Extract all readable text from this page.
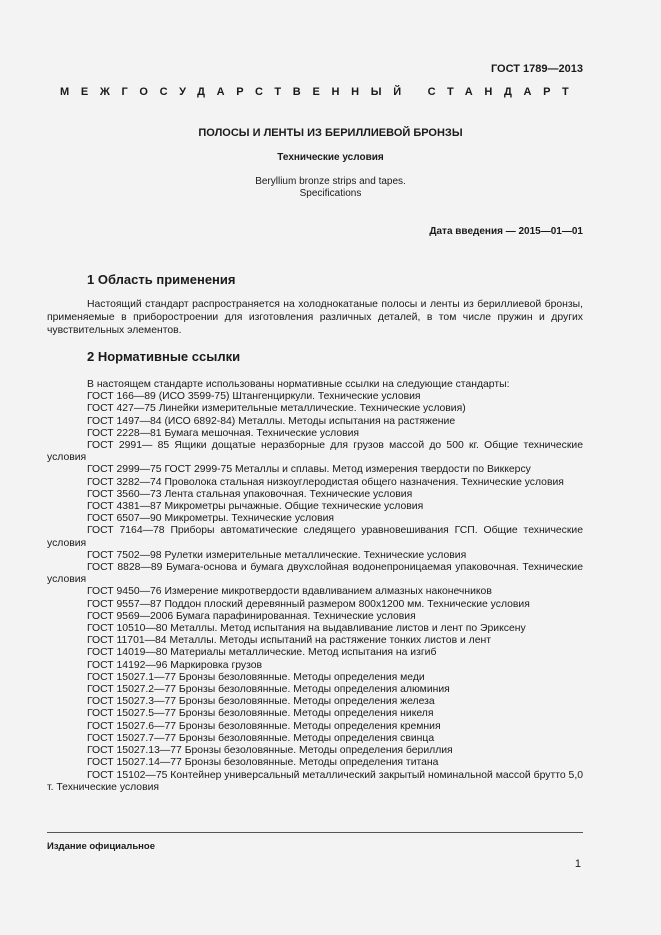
ГОСТ 1789—2013
МЕЖГОСУДАРСТВЕННЫЙ СТАНДАРТ
ПОЛОСЫ И ЛЕНТЫ ИЗ БЕРИЛЛИЕВОЙ БРОНЗЫ
Технические условия
Beryllium bronze strips and tapes.
Specifications
Дата введения — 2015—01—01
1 Область применения
Настоящий стандарт распространяется на холоднокатаные полосы и ленты из бериллиевой бронзы, применяемые в приборостроении для изготовления различных деталей, в том числе пружин и других чувствительных элементов.
2 Нормативные ссылки
В настоящем стандарте использованы нормативные ссылки на следующие стандарты:
ГОСТ 166—89 (ИСО 3599-75) Штангенциркули. Технические условия
ГОСТ 427—75 Линейки измерительные металлические. Технические условия)
ГОСТ 1497—84 (ИСО 6892-84) Металлы. Методы испытания на растяжение
ГОСТ 2228—81 Бумага мешочная. Технические условия
ГОСТ 2991— 85 Ящики дощатые неразборные для грузов массой до 500 кг. Общие технические условия
ГОСТ 2999—75 ГОСТ 2999-75 Металлы и сплавы. Метод измерения твердости по Виккерсу
ГОСТ 3282—74 Проволока стальная низкоуглеродистая общего назначения. Технические условия
ГОСТ 3560—73 Лента стальная упаковочная. Технические условия
ГОСТ 4381—87 Микрометры рычажные. Общие технические условия
ГОСТ 6507—90 Микрометры. Технические условия
ГОСТ 7164—78 Приборы автоматические следящего уравновешивания ГСП. Общие технические условия
ГОСТ 7502—98 Рулетки измерительные металлические. Технические условия
ГОСТ 8828—89 Бумага-основа и бумага двухслойная водонепроницаемая упаковочная. Технические условия
ГОСТ 9450—76 Измерение микротвердости вдавливанием алмазных наконечников
ГОСТ 9557—87 Поддон плоский деревянный размером 800х1200 мм. Технические условия
ГОСТ 9569—2006 Бумага парафинированная. Технические условия
ГОСТ 10510—80 Металлы. Метод испытания на выдавливание листов и лент по Эриксену
ГОСТ 11701—84 Металлы. Методы испытаний на растяжение тонких листов и лент
ГОСТ 14019—80 Материалы металлические. Метод испытания на изгиб
ГОСТ 14192—96 Маркировка грузов
ГОСТ 15027.1—77 Бронзы безоловянные. Методы определения меди
ГОСТ 15027.2—77 Бронзы безоловянные. Методы определения алюминия
ГОСТ 15027.3—77 Бронзы безоловянные. Методы определения железа
ГОСТ 15027.5—77 Бронзы безоловянные. Методы определения никеля
ГОСТ 15027.6—77 Бронзы безоловянные. Методы определения кремния
ГОСТ 15027.7—77 Бронзы безоловянные. Методы определения свинца
ГОСТ 15027.13—77 Бронзы безоловянные. Методы определения бериллия
ГОСТ 15027.14—77 Бронзы безоловянные. Методы определения титана
ГОСТ 15102—75 Контейнер универсальный металлический закрытый номинальной массой брутто 5,0 т. Технические условия
Издание официальное
1
